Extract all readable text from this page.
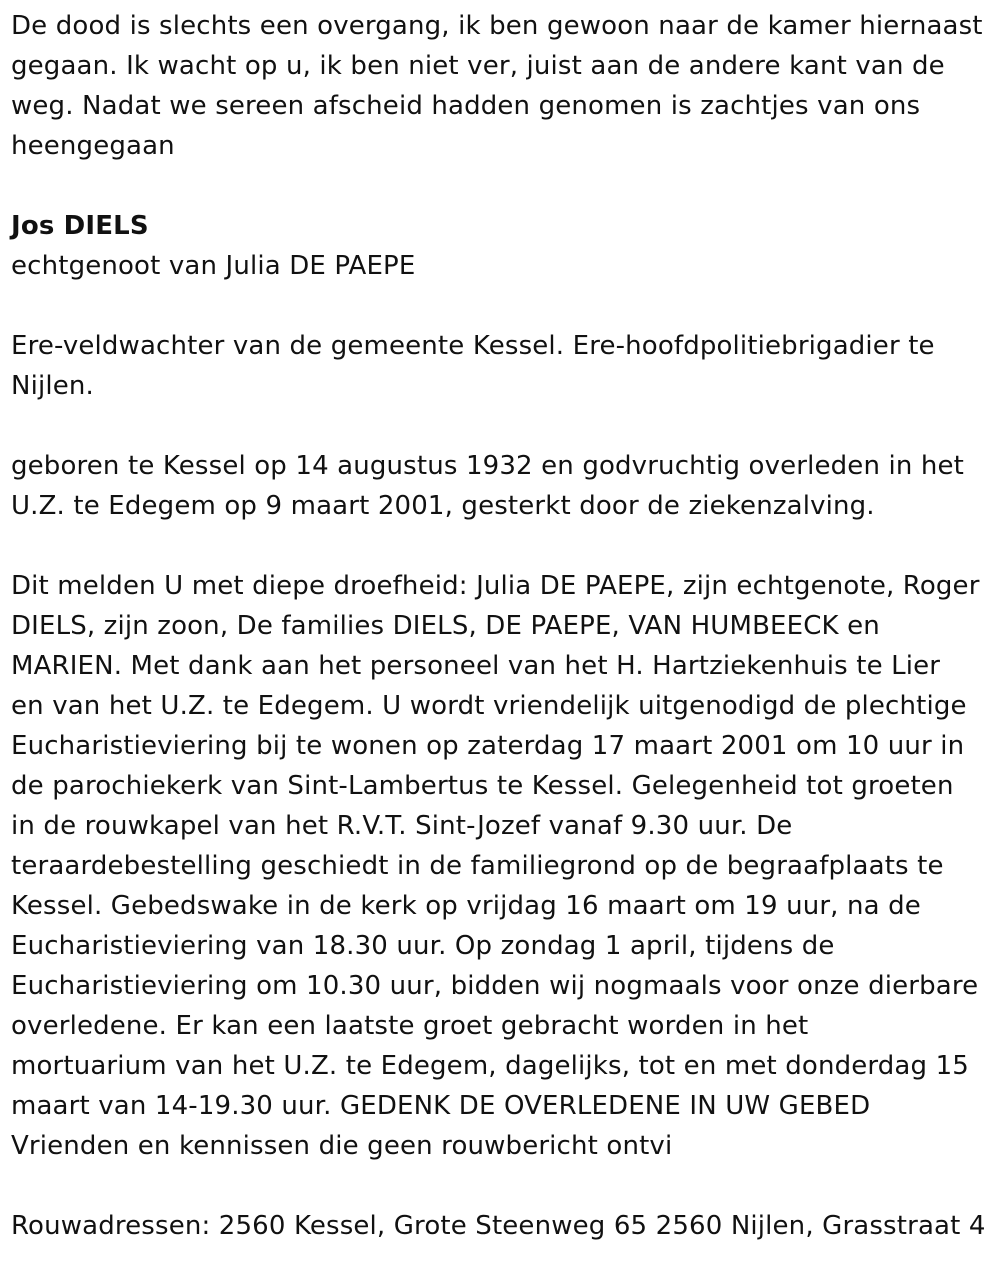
De dood is slechts een overgang, ik ben gewoon naar de kamer hiernaast
gegaan. Ik wacht op u, ik ben niet ver, juist aan de andere kant van de
weg. Nadat we sereen afscheid hadden genomen is zachtjes van ons
heengegaan

Jos DIELS

echtgenoot van Julia DE PAEPE

Ere-veldwachter van de gemeente Kessel. Ere-hoofdpolitiebrigadier te
Nijlen.

geboren te Kessel op 14 augustus 1932 en godvruchtig overleden in het
U.Z. te Edegem op 9 maart 2001, gesterkt door de ziekenzalving.

Dit melden U met diepe droefheid: Julia DE PAEPE, zijn echtgenote, Roger
DIELS, zijn zoon, De families DIELS, DE PAEPE, VAN HUMBEECK en
MARIEN. Met dank aan het personeel van het H. Hartziekenhuis te Lier
en van het U.Z. te Edegem. U wordt vriendelijk uitgenodigd de plechtige
Eucharistieviering bij te wonen op zaterdag 17 maart 2001 om 10 uur in
de parochiekerk van Sint-Lambertus te Kessel. Gelegenheid tot groeten
in de rouwkapel van het R.V.T. Sint-Jozef vanaf 9.30 uur. De
teraardebestelling geschiedt in de familiegrond op de begraafplaats te
Kessel. Gebedswake in de kerk op vrijdag 16 maart om 19 uur, na de
Eucharistieviering van 18.30 uur. Op zondag 1 april, tijdens de
Eucharistieviering om 10.30 uur, bidden wij nogmaals voor onze dierbare
overledene. Er kan een laatste groet gebracht worden in het
mortuarium van het U.Z. te Edegem, dagelijks, tot en met donderdag 15
maart van 14-19.30 uur. GEDENK DE OVERLEDENE IN UW GEBED
Vrienden en kennissen die geen rouwbericht ontvi

Rouwadressen: 2560 Kessel, Grote Steenweg 65 2560 Nijlen, Grasstraat 4
